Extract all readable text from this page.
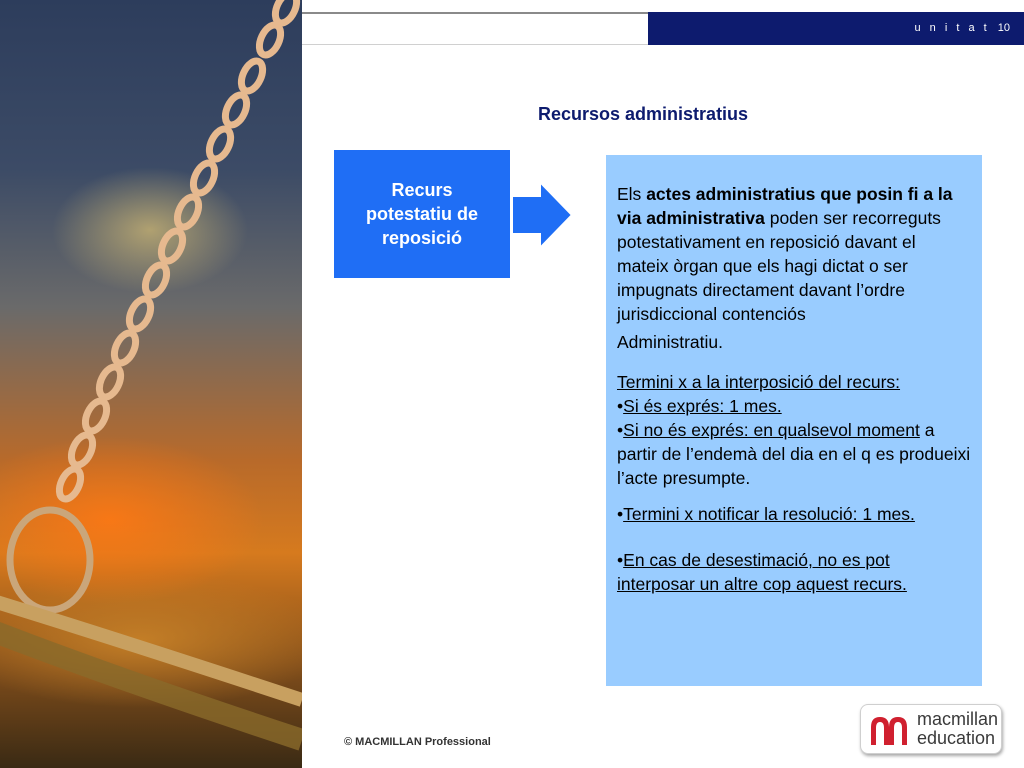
u n i t a t 10
Recursos administratius
Recurs
potestatiu de
reposició

Els actes administratius que posin fi a la via administrativa poden ser recorreguts potestativament en reposició davant el mateix òrgan que els hagi dictat o ser impugnats directament davant l’ordre jurisdiccional contenciós

Administratiu.

Termini x a la interposició del recurs:

•Si és exprés: 1 mes.

•Si no és exprés: en qualsevol moment a partir de l’endemà del dia en el q es produeixi l’acte presumpte.

•Termini x notificar la resolució: 1 mes.

•En cas de desestimació, no es pot interposar un altre cop aquest recurs.

© MACMILLAN Professional
macmillan
education
